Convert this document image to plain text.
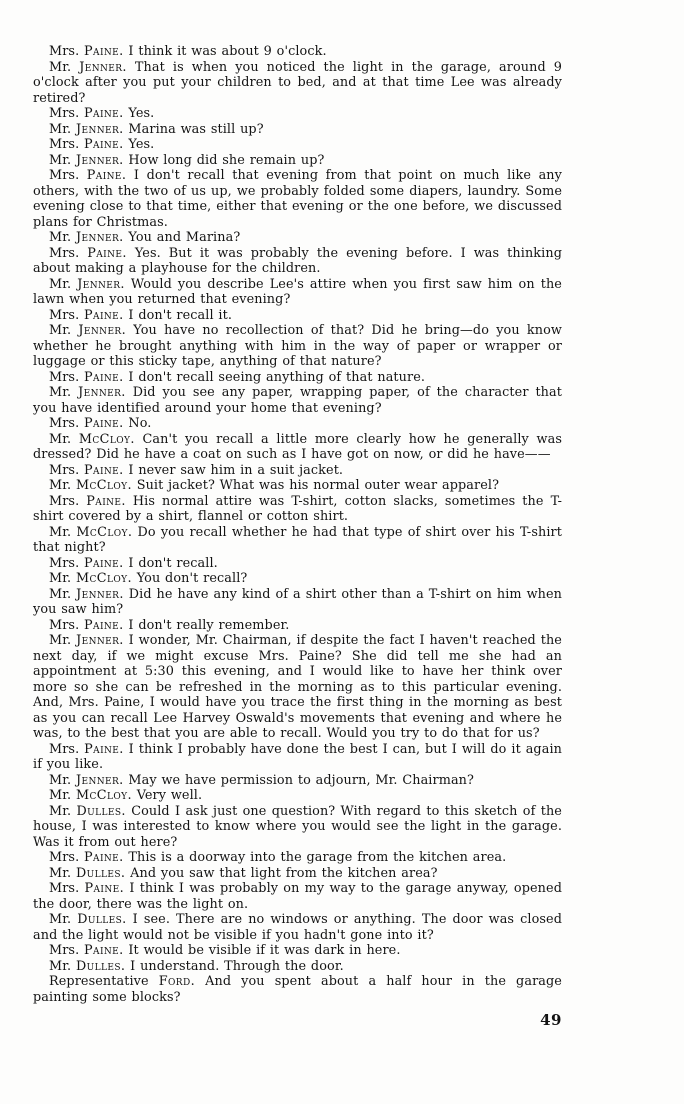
Mrs. Paine. I think it was about 9 o'clock.

Mr. Jenner. That is when you noticed the light in the garage, around 9 o'clock after you put your children to bed, and at that time Lee was already retired?

Mrs. Paine. Yes.

Mr. Jenner. Marina was still up?

Mrs. Paine. Yes.

Mr. Jenner. How long did she remain up?

Mrs. Paine. I don't recall that evening from that point on much like any others, with the two of us up, we probably folded some diapers, laundry. Some evening close to that time, either that evening or the one before, we discussed plans for Christmas.

Mr. Jenner. You and Marina?

Mrs. Paine. Yes. But it was probably the evening before. I was thinking about making a playhouse for the children.

Mr. Jenner. Would you describe Lee's attire when you first saw him on the lawn when you returned that evening?

Mrs. Paine. I don't recall it.

Mr. Jenner. You have no recollection of that? Did he bring—do you know whether he brought anything with him in the way of paper or wrapper or luggage or this sticky tape, anything of that nature?

Mrs. Paine. I don't recall seeing anything of that nature.

Mr. Jenner. Did you see any paper, wrapping paper, of the character that you have identified around your home that evening?

Mrs. Paine. No.

Mr. McCloy. Can't you recall a little more clearly how he generally was dressed? Did he have a coat on such as I have got on now, or did he have——

Mrs. Paine. I never saw him in a suit jacket.

Mr. McCloy. Suit jacket? What was his normal outer wear apparel?

Mrs. Paine. His normal attire was T-shirt, cotton slacks, sometimes the T-shirt covered by a shirt, flannel or cotton shirt.

Mr. McCloy. Do you recall whether he had that type of shirt over his T-shirt that night?

Mrs. Paine. I don't recall.

Mr. McCloy. You don't recall?

Mr. Jenner. Did he have any kind of a shirt other than a T-shirt on him when you saw him?

Mrs. Paine. I don't really remember.

Mr. Jenner. I wonder, Mr. Chairman, if despite the fact I haven't reached the next day, if we might excuse Mrs. Paine? She did tell me she had an appointment at 5:30 this evening, and I would like to have her think over more so she can be refreshed in the morning as to this particular evening. And, Mrs. Paine, I would have you trace the first thing in the morning as best as you can recall Lee Harvey Oswald's movements that evening and where he was, to the best that you are able to recall. Would you try to do that for us?

Mrs. Paine. I think I probably have done the best I can, but I will do it again if you like.

Mr. Jenner. May we have permission to adjourn, Mr. Chairman?

Mr. McCloy. Very well.

Mr. Dulles. Could I ask just one question? With regard to this sketch of the house, I was interested to know where you would see the light in the garage. Was it from out here?

Mrs. Paine. This is a doorway into the garage from the kitchen area.

Mr. Dulles. And you saw that light from the kitchen area?

Mrs. Paine. I think I was probably on my way to the garage anyway, opened the door, there was the light on.

Mr. Dulles. I see. There are no windows or anything. The door was closed and the light would not be visible if you hadn't gone into it?

Mrs. Paine. It would be visible if it was dark in here.

Mr. Dulles. I understand. Through the door.

Representative Ford. And you spent about a half hour in the garage painting some blocks?

49
